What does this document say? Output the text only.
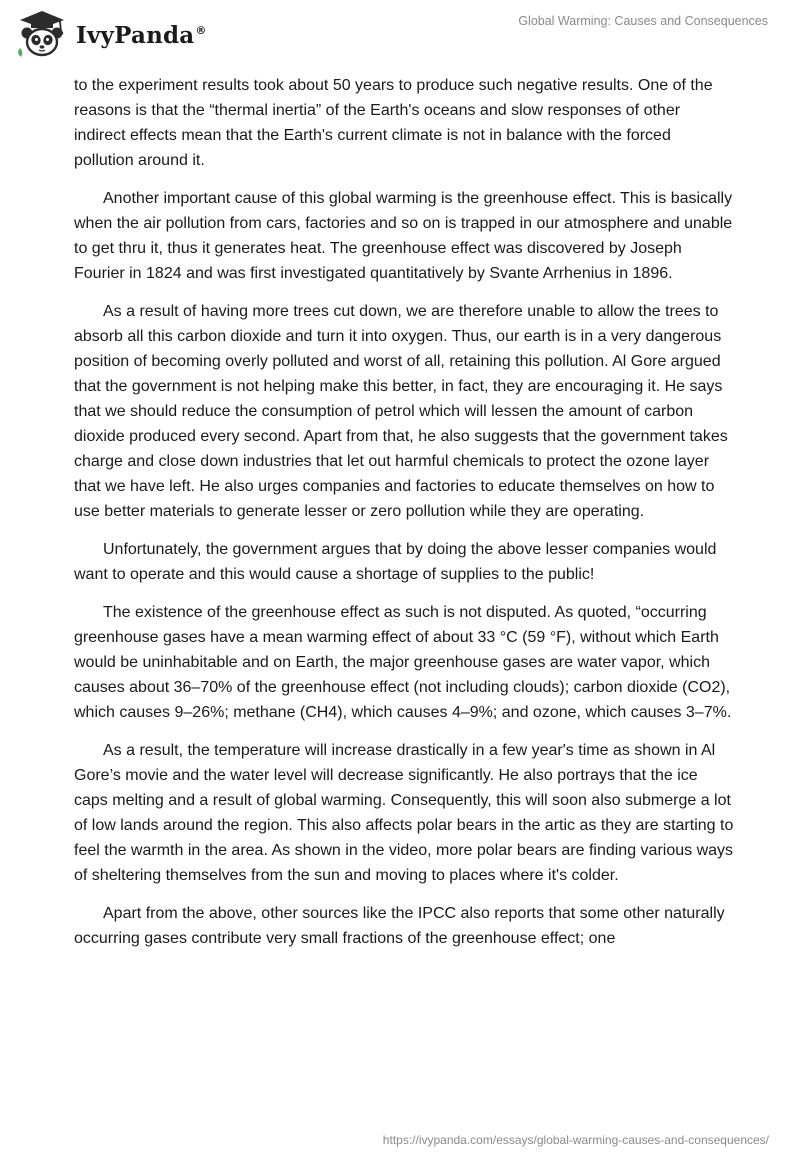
IvyPanda®
Global Warming: Causes and Consequences

to the experiment results took about 50 years to produce such negative results. One of the reasons is that the “thermal inertia” of the Earth's oceans and slow responses of other indirect effects mean that the Earth's current climate is not in balance with the forced pollution around it.

Another important cause of this global warming is the greenhouse effect. This is basically when the air pollution from cars, factories and so on is trapped in our atmosphere and unable to get thru it, thus it generates heat. The greenhouse effect was discovered by Joseph Fourier in 1824 and was first investigated quantitatively by Svante Arrhenius in 1896.

As a result of having more trees cut down, we are therefore unable to allow the trees to absorb all this carbon dioxide and turn it into oxygen. Thus, our earth is in a very dangerous position of becoming overly polluted and worst of all, retaining this pollution. Al Gore argued that the government is not helping make this better, in fact, they are encouraging it. He says that we should reduce the consumption of petrol which will lessen the amount of carbon dioxide produced every second. Apart from that, he also suggests that the government takes charge and close down industries that let out harmful chemicals to protect the ozone layer that we have left. He also urges companies and factories to educate themselves on how to use better materials to generate lesser or zero pollution while they are operating.

Unfortunately, the government argues that by doing the above lesser companies would want to operate and this would cause a shortage of supplies to the public!

The existence of the greenhouse effect as such is not disputed. As quoted, “occurring greenhouse gases have a mean warming effect of about 33 °C (59 °F), without which Earth would be uninhabitable and on Earth, the major greenhouse gases are water vapor, which causes about 36–70% of the greenhouse effect (not including clouds); carbon dioxide (CO2), which causes 9–26%; methane (CH4), which causes 4–9%; and ozone, which causes 3–7%.

As a result, the temperature will increase drastically in a few year's time as shown in Al Gore’s movie and the water level will decrease significantly. He also portrays that the ice caps melting and a result of global warming. Consequently, this will soon also submerge a lot of low lands around the region. This also affects polar bears in the artic as they are starting to feel the warmth in the area. As shown in the video, more polar bears are finding various ways of sheltering themselves from the sun and moving to places where it's colder.

Apart from the above, other sources like the IPCC also reports that some other naturally occurring gases contribute very small fractions of the greenhouse effect; one

https://ivypanda.com/essays/global-warming-causes-and-consequences/
